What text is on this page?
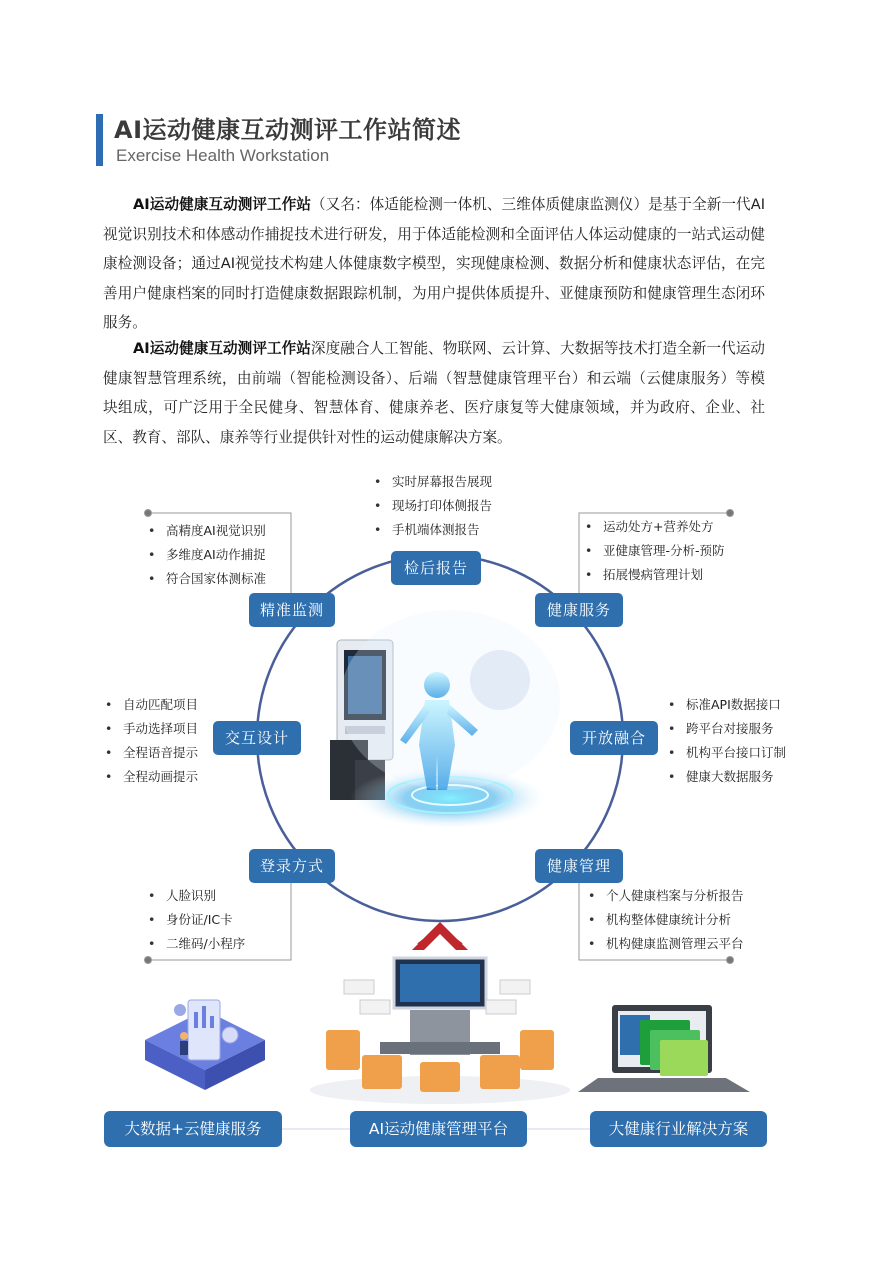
AI运动健康互动测评工作站简述
Exercise Health Workstation

AI运动健康互动测评工作站（又名：体适能检测一体机、三维体质健康监测仪）是基于全新一代AI视觉识别技术和体感动作捕捉技术进行研发，用于体适能检测和全面评估人体运动健康的一站式运动健康检测设备；通过AI视觉技术构建人体健康数字模型，实现健康检测、数据分析和健康状态评估，在完善用户健康档案的同时打造健康数据跟踪机制，为用户提供体质提升、亚健康预防和健康管理生态闭环服务。

AI运动健康互动测评工作站深度融合人工智能、物联网、云计算、大数据等技术打造全新一代运动健康智慧管理系统，由前端（智能检测设备）、后端（智慧健康管理平台）和云端（云健康服务）等模块组成，可广泛用于全民健身、智慧体育、健康养老、医疗康复等大健康领域，并为政府、企业、社区、教育、部队、康养等行业提供针对性的运动健康解决方案。

• 实时屏幕报告展现
• 现场打印体侧报告
• 手机端体测报告
• 高精度AI视觉识别
• 多维度AI动作捕捉
• 符合国家体测标准
• 运动处方+营养处方
• 亚健康管理-分析-预防
• 拓展慢病管理计划
• 自动匹配项目
• 手动选择项目
• 全程语音提示
• 全程动画提示
• 标准API数据接口
• 跨平台对接服务
• 机构平台接口订制
• 健康大数据服务
• 人脸识别
• 身份证/IC卡
• 二维码/小程序
• 个人健康档案与分析报告
• 机构整体健康统计分析
• 机构健康监测管理云平台
检后报告
精准监测	健康服务
交互设计	开放融合
登录方式	健康管理
大数据+云健康服务	AI运动健康管理平台	大健康行业解决方案
